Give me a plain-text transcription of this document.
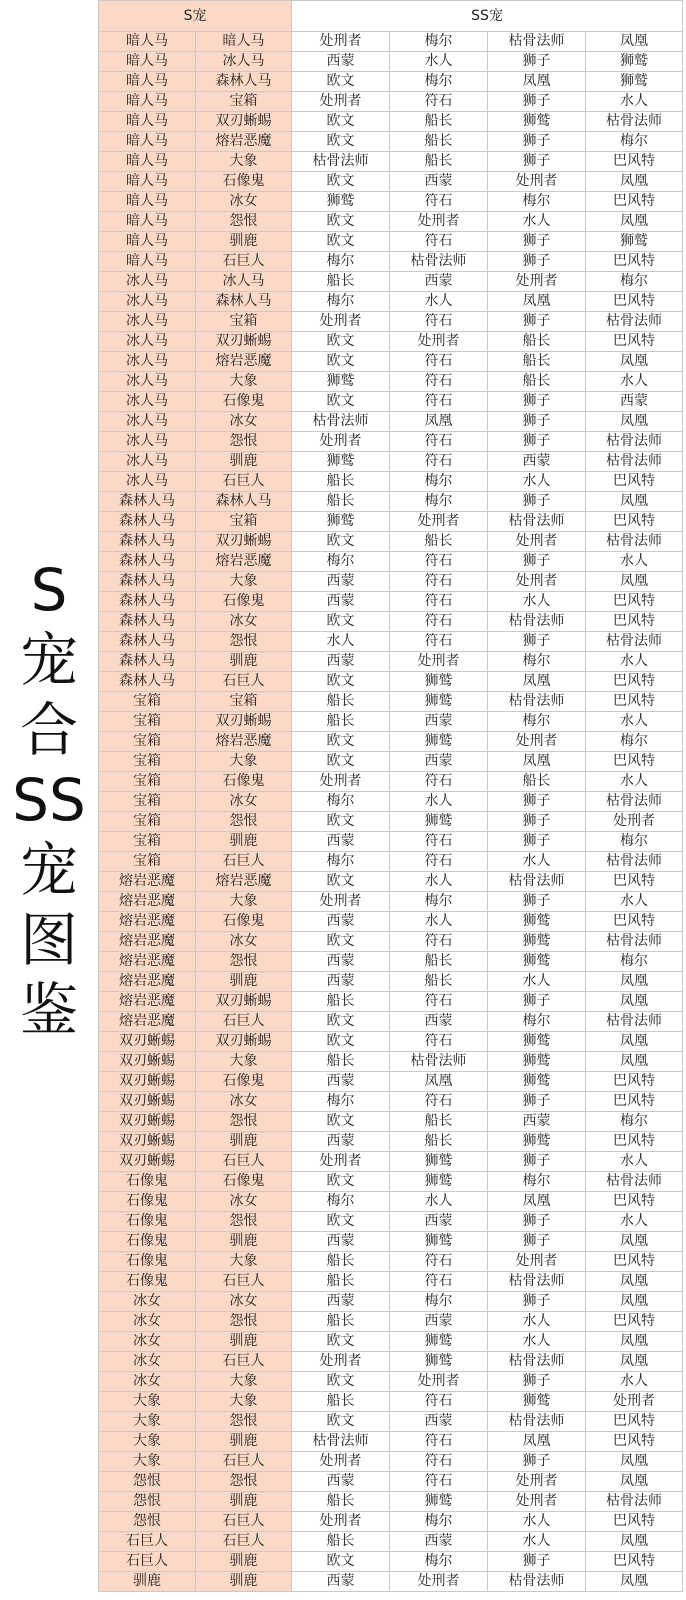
S
宠
合
SS
宠
图
鉴
S宠		SS宠			
暗人马	暗人马	处刑者	梅尔	枯骨法师	凤凰
暗人马	冰人马	西蒙	水人	狮子	狮鹫
暗人马	森林人马	欧文	梅尔	凤凰	狮鹫
暗人马	宝箱	处刑者	符石	狮子	水人
暗人马	双刃蜥蜴	欧文	船长	狮鹫	枯骨法师
暗人马	熔岩恶魔	欧文	船长	狮子	梅尔
暗人马	大象	枯骨法师	船长	狮子	巴风特
暗人马	石像鬼	欧文	西蒙	处刑者	凤凰
暗人马	冰女	狮鹫	符石	梅尔	巴风特
暗人马	怨恨	欧文	处刑者	水人	凤凰
暗人马	驯鹿	欧文	符石	狮子	狮鹫
暗人马	石巨人	梅尔	枯骨法师	狮子	巴风特
冰人马	冰人马	船长	西蒙	处刑者	梅尔
冰人马	森林人马	梅尔	水人	凤凰	巴风特
冰人马	宝箱	处刑者	符石	狮子	枯骨法师
冰人马	双刃蜥蜴	欧文	处刑者	船长	巴风特
冰人马	熔岩恶魔	欧文	符石	船长	凤凰
冰人马	大象	狮鹫	符石	船长	水人
冰人马	石像鬼	欧文	符石	狮子	西蒙
冰人马	冰女	枯骨法师	凤凰	狮子	凤凰
冰人马	怨恨	处刑者	符石	狮子	枯骨法师
冰人马	驯鹿	狮鹫	符石	西蒙	枯骨法师
冰人马	石巨人	船长	梅尔	水人	巴风特
森林人马	森林人马	船长	梅尔	狮子	凤凰
森林人马	宝箱	狮鹫	处刑者	枯骨法师	巴风特
森林人马	双刃蜥蜴	欧文	船长	处刑者	枯骨法师
森林人马	熔岩恶魔	梅尔	符石	狮子	水人
森林人马	大象	西蒙	符石	处刑者	凤凰
森林人马	石像鬼	西蒙	符石	水人	巴风特
森林人马	冰女	欧文	符石	枯骨法师	巴风特
森林人马	怨恨	水人	符石	狮子	枯骨法师
森林人马	驯鹿	西蒙	处刑者	梅尔	水人
森林人马	石巨人	欧文	狮鹫	凤凰	巴风特
宝箱	宝箱	船长	狮鹫	枯骨法师	巴风特
宝箱	双刃蜥蜴	船长	西蒙	梅尔	水人
宝箱	熔岩恶魔	欧文	狮鹫	处刑者	梅尔
宝箱	大象	欧文	西蒙	凤凰	巴风特
宝箱	石像鬼	处刑者	符石	船长	水人
宝箱	冰女	梅尔	水人	狮子	枯骨法师
宝箱	怨恨	欧文	狮鹫	狮子	处刑者
宝箱	驯鹿	西蒙	符石	狮子	梅尔
宝箱	石巨人	梅尔	符石	水人	枯骨法师
熔岩恶魔	熔岩恶魔	欧文	水人	枯骨法师	巴风特
熔岩恶魔	大象	处刑者	梅尔	狮子	水人
熔岩恶魔	石像鬼	西蒙	水人	狮鹫	巴风特
熔岩恶魔	冰女	欧文	符石	狮鹫	枯骨法师
熔岩恶魔	怨恨	西蒙	船长	狮鹫	梅尔
熔岩恶魔	驯鹿	西蒙	船长	水人	凤凰
熔岩恶魔	双刃蜥蜴	船长	符石	狮子	凤凰
熔岩恶魔	石巨人	欧文	西蒙	梅尔	枯骨法师
双刃蜥蜴	双刃蜥蜴	欧文	符石	狮鹫	凤凰
双刃蜥蜴	大象	船长	枯骨法师	狮鹫	凤凰
双刃蜥蜴	石像鬼	西蒙	凤凰	狮鹫	巴风特
双刃蜥蜴	冰女	梅尔	符石	狮子	巴风特
双刃蜥蜴	怨恨	欧文	船长	西蒙	梅尔
双刃蜥蜴	驯鹿	西蒙	船长	狮鹫	巴风特
双刃蜥蜴	石巨人	处刑者	狮鹫	狮子	水人
石像鬼	石像鬼	欧文	狮鹫	梅尔	枯骨法师
石像鬼	冰女	梅尔	水人	凤凰	巴风特
石像鬼	怨恨	欧文	西蒙	狮子	水人
石像鬼	驯鹿	西蒙	狮鹫	狮子	凤凰
石像鬼	大象	船长	符石	处刑者	巴风特
石像鬼	石巨人	船长	符石	枯骨法师	凤凰
冰女	冰女	西蒙	梅尔	狮子	凤凰
冰女	怨恨	船长	西蒙	水人	巴风特
冰女	驯鹿	欧文	狮鹫	水人	凤凰
冰女	石巨人	处刑者	狮鹫	枯骨法师	凤凰
冰女	大象	欧文	处刑者	狮子	水人
大象	大象	船长	符石	狮鹫	处刑者
大象	怨恨	欧文	西蒙	枯骨法师	巴风特
大象	驯鹿	枯骨法师	符石	凤凰	巴风特
大象	石巨人	处刑者	符石	狮子	凤凰
怨恨	怨恨	西蒙	符石	处刑者	凤凰
怨恨	驯鹿	船长	狮鹫	处刑者	枯骨法师
怨恨	石巨人	处刑者	梅尔	水人	巴风特
石巨人	石巨人	船长	西蒙	水人	凤凰
石巨人	驯鹿	欧文	梅尔	狮子	巴风特
驯鹿	驯鹿	西蒙	处刑者	枯骨法师	凤凰
